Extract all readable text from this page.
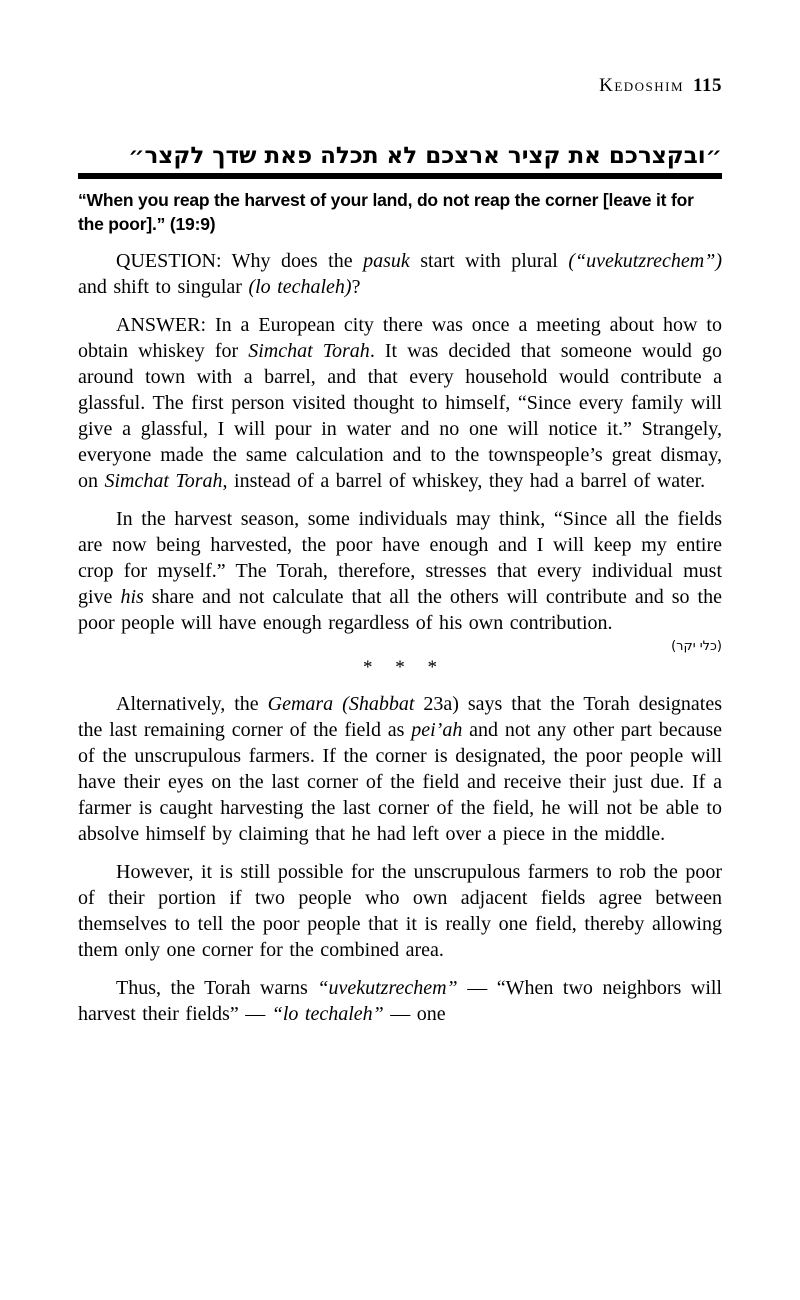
Kedoshim 115
״ובקצרכם את קציר ארצכם לא תכלה פאת שדך לקצר״
“When you reap the harvest of your land, do not reap the corner [leave it for the poor].” (19:9)

QUESTION: Why does the pasuk start with plural (“uvekutzrechem”) and shift to singular (lo techaleh)?

ANSWER: In a European city there was once a meeting about how to obtain whiskey for Simchat Torah. It was decided that someone would go around town with a barrel, and that every household would contribute a glassful. The first person visited thought to himself, “Since every family will give a glassful, I will pour in water and no one will notice it.” Strangely, everyone made the same calculation and to the townspeople’s great dismay, on Simchat Torah, instead of a barrel of whiskey, they had a barrel of water.

In the harvest season, some individuals may think, “Since all the fields are now being harvested, the poor have enough and I will keep my entire crop for myself.” The Torah, therefore, stresses that every individual must give his share and not calculate that all the others will contribute and so the poor people will have enough regardless of his own contribution.

(כלי יקר)
* * *

Alternatively, the Gemara (Shabbat 23a) says that the Torah designates the last remaining corner of the field as pei’ah and not any other part because of the unscrupulous farmers. If the corner is designated, the poor people will have their eyes on the last corner of the field and receive their just due. If a farmer is caught harvesting the last corner of the field, he will not be able to absolve himself by claiming that he had left over a piece in the middle.

However, it is still possible for the unscrupulous farmers to rob the poor of their portion if two people who own adjacent fields agree between themselves to tell the poor people that it is really one field, thereby allowing them only one corner for the combined area.

Thus, the Torah warns “uvekutzrechem” — “When two neighbors will harvest their fields” — “lo techaleh” — one
